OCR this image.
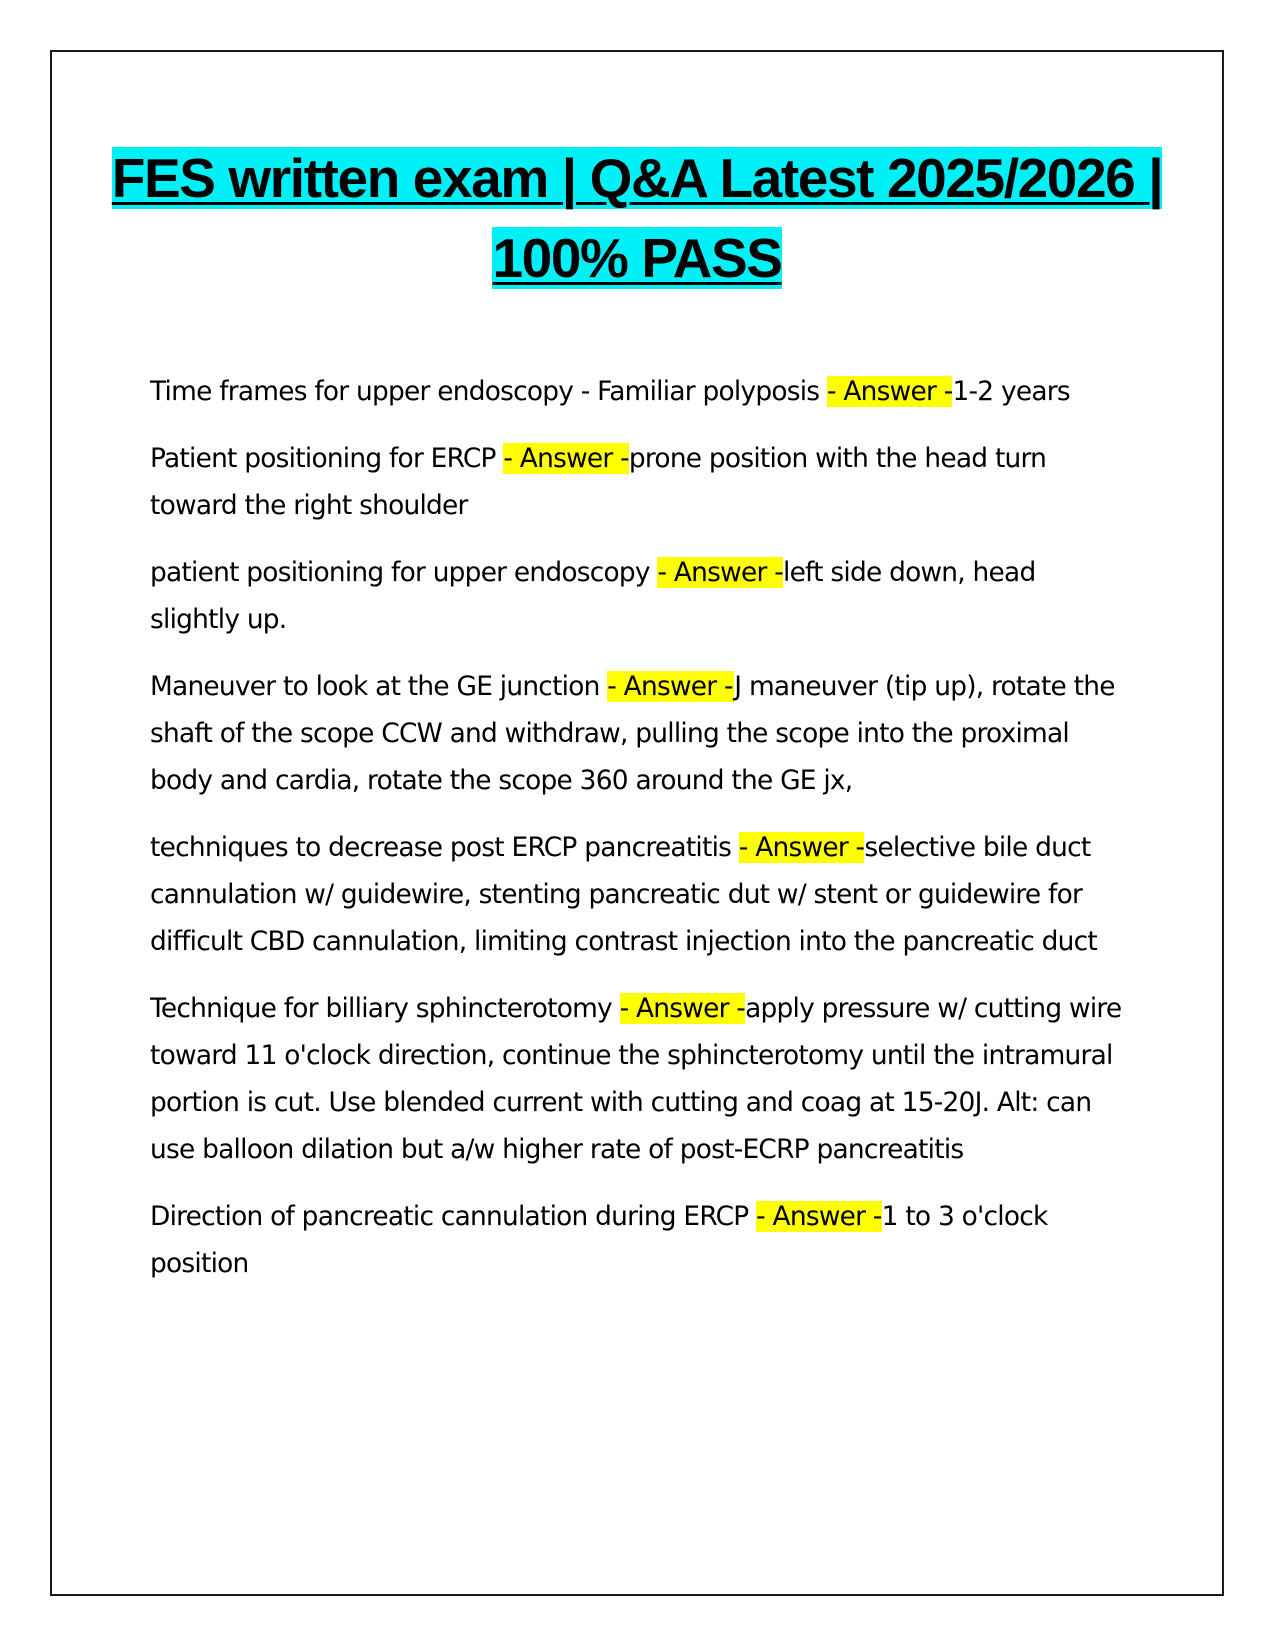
FES written exam | Q&A Latest 2025/2026 | 100% PASS

Time frames for upper endoscopy - Familiar polyposis - Answer -1-2 years

Patient positioning for ERCP - Answer -prone position with the head turn toward the right shoulder

patient positioning for upper endoscopy - Answer -left side down, head slightly up.

Maneuver to look at the GE junction - Answer -J maneuver (tip up), rotate the shaft of the scope CCW and withdraw, pulling the scope into the proximal body and cardia, rotate the scope 360 around the GE jx,

techniques to decrease post ERCP pancreatitis - Answer -selective bile duct cannulation w/ guidewire, stenting pancreatic dut w/ stent or guidewire for difficult CBD cannulation, limiting contrast injection into the pancreatic duct

Technique for billiary sphincterotomy - Answer -apply pressure w/ cutting wire toward 11 o'clock direction, continue the sphincterotomy until the intramural portion is cut. Use blended current with cutting and coag at 15-20J. Alt: can use balloon dilation but a/w higher rate of post-ECRP pancreatitis

Direction of pancreatic cannulation during ERCP - Answer -1 to 3 o'clock position
